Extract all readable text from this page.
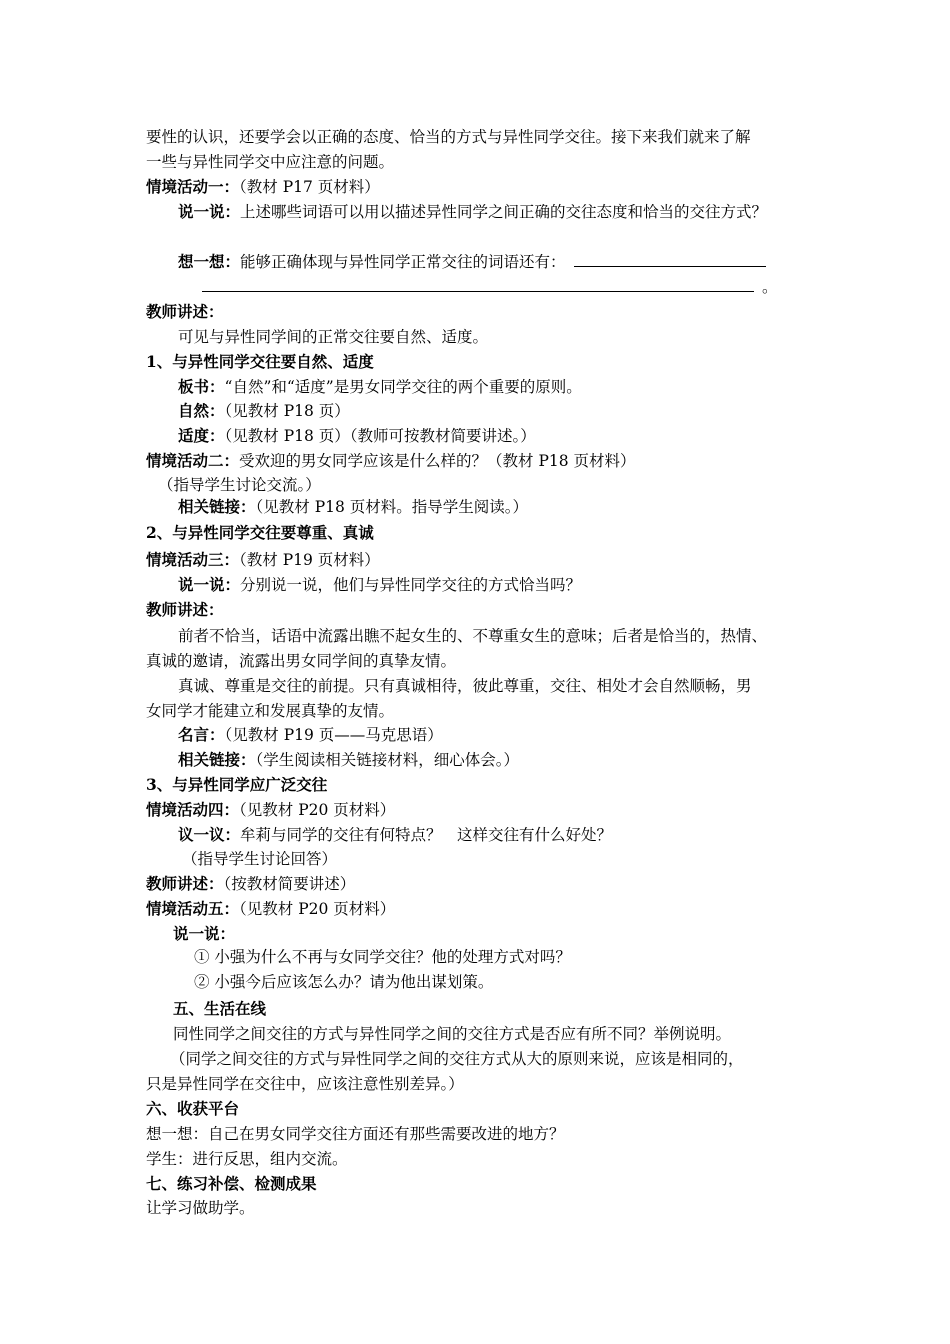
要性的认识，还要学会以正确的态度、恰当的方式与异性同学交往。接下来我们就来了解
一些与异性同学交中应注意的问题。
情境活动一：（教材 P17 页材料）
说一说：上述哪些词语可以用以描述异性同学之间正确的交往态度和恰当的交往方式？
想一想：能够正确体现与异性同学正常交往的词语还有：
。
教师讲述：
可见与异性同学间的正常交往要自然、适度。
1、与异性同学交往要自然、适度
板书：“自然”和“适度”是男女同学交往的两个重要的原则。
自然：（见教材 P18 页）
适度：（见教材 P18 页）（教师可按教材简要讲述。）
情境活动二：受欢迎的男女同学应该是什么样的？（教材 P18 页材料）
（指导学生讨论交流。）
相关链接：（见教材 P18 页材料。指导学生阅读。）
2、与异性同学交往要尊重、真诚
情境活动三：（教材 P19 页材料）
说一说：分别说一说，他们与异性同学交往的方式恰当吗？
教师讲述：
前者不恰当，话语中流露出瞧不起女生的、不尊重女生的意味；后者是恰当的，热情、
真诚的邀请，流露出男女同学间的真挚友情。
真诚、尊重是交往的前提。只有真诚相待，彼此尊重，交往、相处才会自然顺畅，男
女同学才能建立和发展真挚的友情。
名言：（见教材 P19 页——马克思语）
相关链接：（学生阅读相关链接材料，细心体会。）
3、与异性同学应广泛交往
情境活动四：（见教材 P20 页材料）
议一议：牟莉与同学的交往有何特点？　这样交往有什么好处？
（指导学生讨论回答）
教师讲述：（按教材简要讲述）
情境活动五：（见教材 P20 页材料）
说一说：
① 小强为什么不再与女同学交往？他的处理方式对吗？
② 小强今后应该怎么办？请为他出谋划策。
五、生活在线
同性同学之间交往的方式与异性同学之间的交往方式是否应有所不同？举例说明。
（同学之间交往的方式与异性同学之间的交往方式从大的原则来说，应该是相同的，
只是异性同学在交往中，应该注意性别差异。）
六、收获平台
想一想：自己在男女同学交往方面还有那些需要改进的地方？
学生：进行反思，组内交流。
七、练习补偿、检测成果
让学习做助学。
